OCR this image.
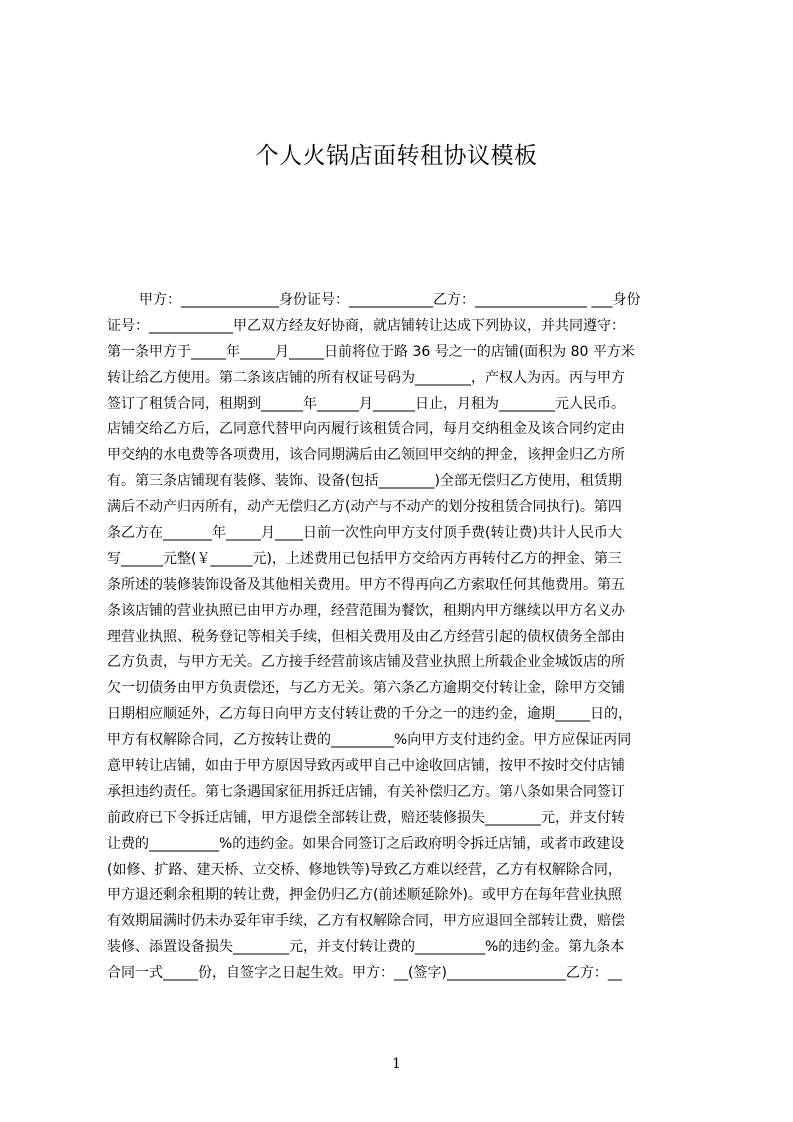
个人火锅店面转租协议模板
甲方：______________身份证号：____________乙方：________________ ___身份
证号：____________甲乙双方经友好协商，就店铺转让达成下列协议，并共同遵守：
第一条甲方于_____年_____月_____日前将位于路 36 号之一的店铺(面积为 80 平方米
转让给乙方使用。第二条该店铺的所有权证号码为________，产权人为丙。丙与甲方
签订了租赁合同，租期到______年______月______日止，月租为________元人民币。
店铺交给乙方后，乙同意代替甲向丙履行该租赁合同，每月交纳租金及该合同约定由
甲交纳的水电费等各项费用，该合同期满后由乙领回甲交纳的押金，该押金归乙方所
有。第三条店铺现有装修、装饰、设备(包括________)全部无偿归乙方使用，租赁期
满后不动产归丙所有，动产无偿归乙方(动产与不动产的划分按租赁合同执行)。第四
条乙方在_______年_____月____日前一次性向甲方支付顶手费(转让费)共计人民币大
写______元整(￥______元)，上述费用已包括甲方交给丙方再转付乙方的押金、第三
条所述的装修装饰设备及其他相关费用。甲方不得再向乙方索取任何其他费用。第五
条该店铺的营业执照已由甲方办理，经营范围为餐饮，租期内甲方继续以甲方名义办
理营业执照、税务登记等相关手续，但相关费用及由乙方经营引起的债权债务全部由
乙方负责，与甲方无关。乙方接手经营前该店铺及营业执照上所载企业金城饭店的所
欠一切债务由甲方负责偿还，与乙方无关。第六条乙方逾期交付转让金，除甲方交铺
日期相应顺延外，乙方每日向甲方支付转让费的千分之一的违约金，逾期_____日的，
甲方有权解除合同，乙方按转让费的_________%向甲方支付违约金。甲方应保证丙同
意甲转让店铺，如由于甲方原因导致丙或甲自己中途收回店铺，按甲不按时交付店铺
承担违约责任。第七条遇国家征用拆迁店铺，有关补偿归乙方。第八条如果合同签订
前政府已下令拆迁店铺，甲方退偿全部转让费，赔还装修损失________元，并支付转
让费的__________%的违约金。如果合同签订之后政府明令拆迁店铺，或者市政建设
(如修、扩路、建天桥、立交桥、修地铁等)导致乙方难以经营，乙方有权解除合同，
甲方退还剩余租期的转让费，押金仍归乙方(前述顺延除外)。或甲方在每年营业执照
有效期届满时仍未办妥年审手续，乙方有权解除合同，甲方应退回全部转让费，赔偿
装修、添置设备损失________元，并支付转让费的__________%的违约金。第九条本
合同一式_____份，自签字之日起生效。甲方：__(签字)_________________乙方：__
1
